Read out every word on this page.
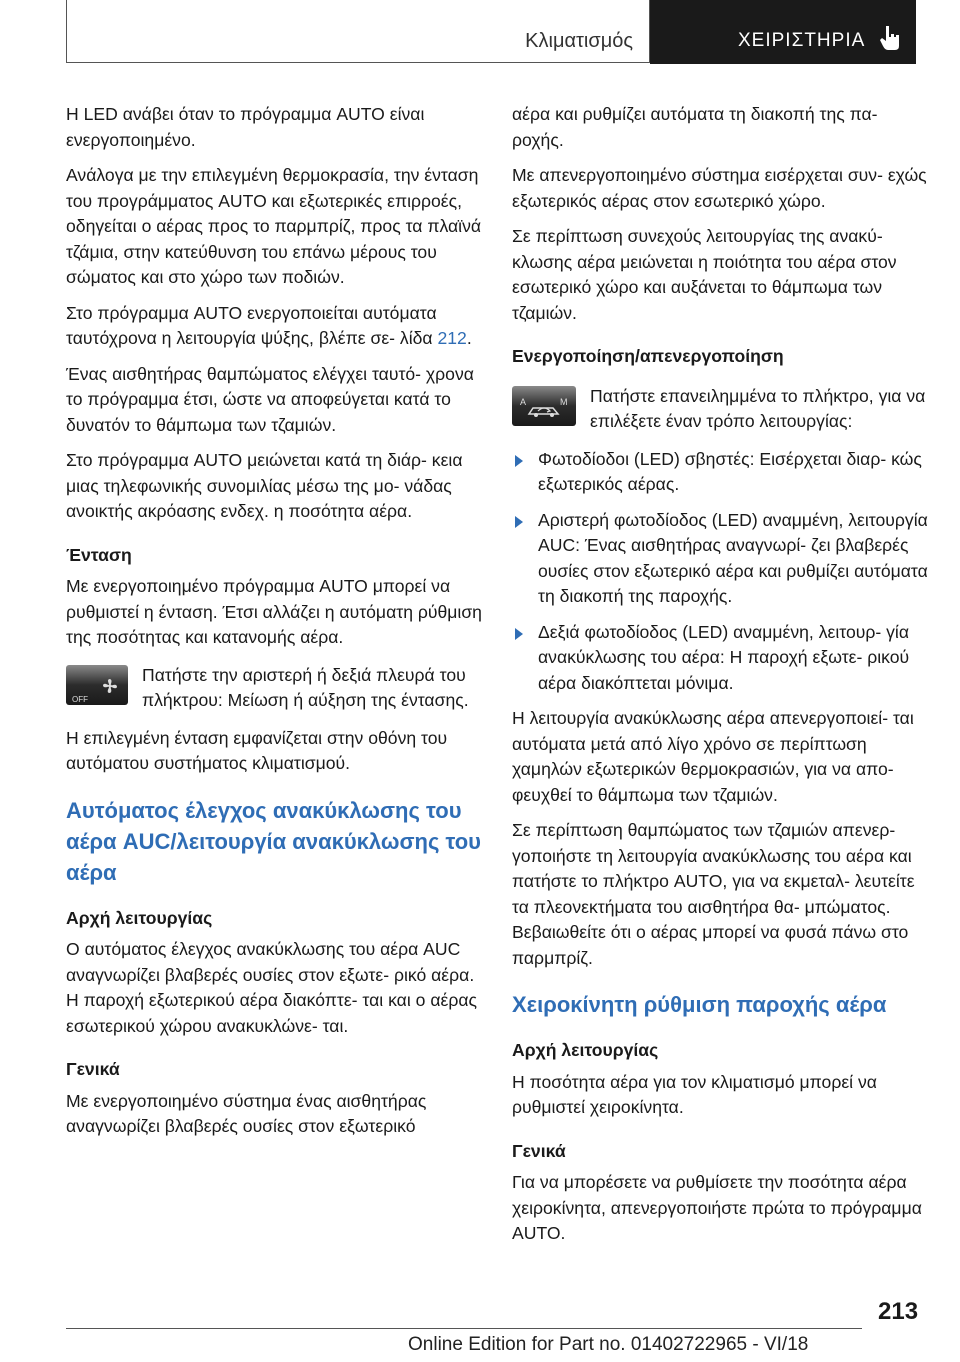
Κλιματισμός	ΧΕΙΡΙΣΤΗΡΙΑ

Η LED ανάβει όταν το πρόγραμμα AUTO είναι ενεργοποιημένο.

Ανάλογα με την επιλεγμένη θερμοκρασία, την ένταση του προγράμματος AUTO και εξωτερικές επιρροές, οδηγείται ο αέρας προς το παρμπρίζ, προς τα πλαϊνά τζάμια, στην κατεύθυνση του επάνω μέρους του σώματος και στο χώρο των ποδιών.

Στο πρόγραμμα AUTO ενεργοποιείται αυτόματα ταυτόχρονα η λειτουργία ψύξης, βλέπε σε‐ λίδα 212.

Ένας αισθητήρας θαμπώματος ελέγχει ταυτό‐ χρονα το πρόγραμμα έτσι, ώστε να αποφεύγεται κατά το δυνατόν το θάμπωμα των τζαμιών.

Στο πρόγραμμα AUTO μειώνεται κατά τη διάρ‐ κεια μιας τηλεφωνικής συνομιλίας μέσω της μο‐ νάδας ανοικτής ακρόασης ενδεχ. η ποσότητα αέρα.

Ένταση

Με ενεργοποιημένο πρόγραμμα AUTO μπορεί να ρυθμιστεί η ένταση. Έτσι αλλάζει η αυτόματη ρύθμιση της ποσότητας και κατανομής αέρα.

OFF
Πατήστε την αριστερή ή δεξιά πλευρά του πλήκτρου: Μείωση ή αύξηση της έντασης.

Η επιλεγμένη ένταση εμφανίζεται στην οθόνη του αυτόματου συστήματος κλιματισμού.

Αυτόματος έλεγχος ανακύκλωσης του αέρα AUC/λειτουργία ανακύκλωσης του αέρα
Αρχή λειτουργίας

Ο αυτόματος έλεγχος ανακύκλωσης του αέρα AUC αναγνωρίζει βλαβερές ουσίες στον εξωτε‐ ρικό αέρα. Η παροχή εξωτερικού αέρα διακόπτε‐ ται και ο αέρας εσωτερικού χώρου ανακυκλώνε‐ ται.

Γενικά

Με ενεργοποιημένο σύστημα ένας αισθητήρας αναγνωρίζει βλαβερές ουσίες στον εξωτερικό

αέρα και ρυθμίζει αυτόματα τη διακοπή της πα‐ ροχής.

Με απενεργοποιημένο σύστημα εισέρχεται συν‐ εχώς εξωτερικός αέρας στον εσωτερικό χώρο.

Σε περίπτωση συνεχούς λειτουργίας της ανακύ‐ κλωσης αέρα μειώνεται η ποιότητα του αέρα στον εσωτερικό χώρο και αυξάνεται το θάμπωμα των τζαμιών.

Ενεργοποίηση/απενεργοποίηση
A	M Πατήστε επανειλημμένα το πλήκτρο, για να επιλέξετε έναν τρόπο λειτουργίας:
Φωτοδίοδοι (LED) σβηστές: Εισέρχεται διαρ‐ κώς εξωτερικός αέρας.
Αριστερή φωτοδίοδος (LED) αναμμένη, λειτουργία AUC: Ένας αισθητήρας αναγνωρί‐ ζει βλαβερές ουσίες στον εξωτερικό αέρα και ρυθμίζει αυτόματα τη διακοπή της παροχής.
Δεξιά φωτοδίοδος (LED) αναμμένη, λειτουρ‐ γία ανακύκλωσης του αέρα: Η παροχή εξωτε‐ ρικού αέρα διακόπτεται μόνιμα.

Η λειτουργία ανακύκλωσης αέρα απενεργοποιεί‐ ται αυτόματα μετά από λίγο χρόνο σε περίπτωση χαμηλών εξωτερικών θερμοκρασιών, για να απο‐ φευχθεί το θάμπωμα των τζαμιών.

Σε περίπτωση θαμπώματος των τζαμιών απενερ‐ γοποιήστε τη λειτουργία ανακύκλωσης του αέρα και πατήστε το πλήκτρο AUTO, για να εκμεταλ‐ λευτείτε τα πλεονεκτήματα του αισθητήρα θα‐ μπώματος. Βεβαιωθείτε ότι ο αέρας μπορεί να φυσά πάνω στο παρμπρίζ.

Χειροκίνητη ρύθμιση παροχής αέρα
Αρχή λειτουργίας

Η ποσότητα αέρα για τον κλιματισμό μπορεί να ρυθμιστεί χειροκίνητα.

Γενικά

Για να μπορέσετε να ρυθμίσετε την ποσότητα αέρα χειροκίνητα, απενεργοποιήστε πρώτα το πρόγραμμα AUTO.

213
Online Edition for Part no. 01402722965 - VI/18
